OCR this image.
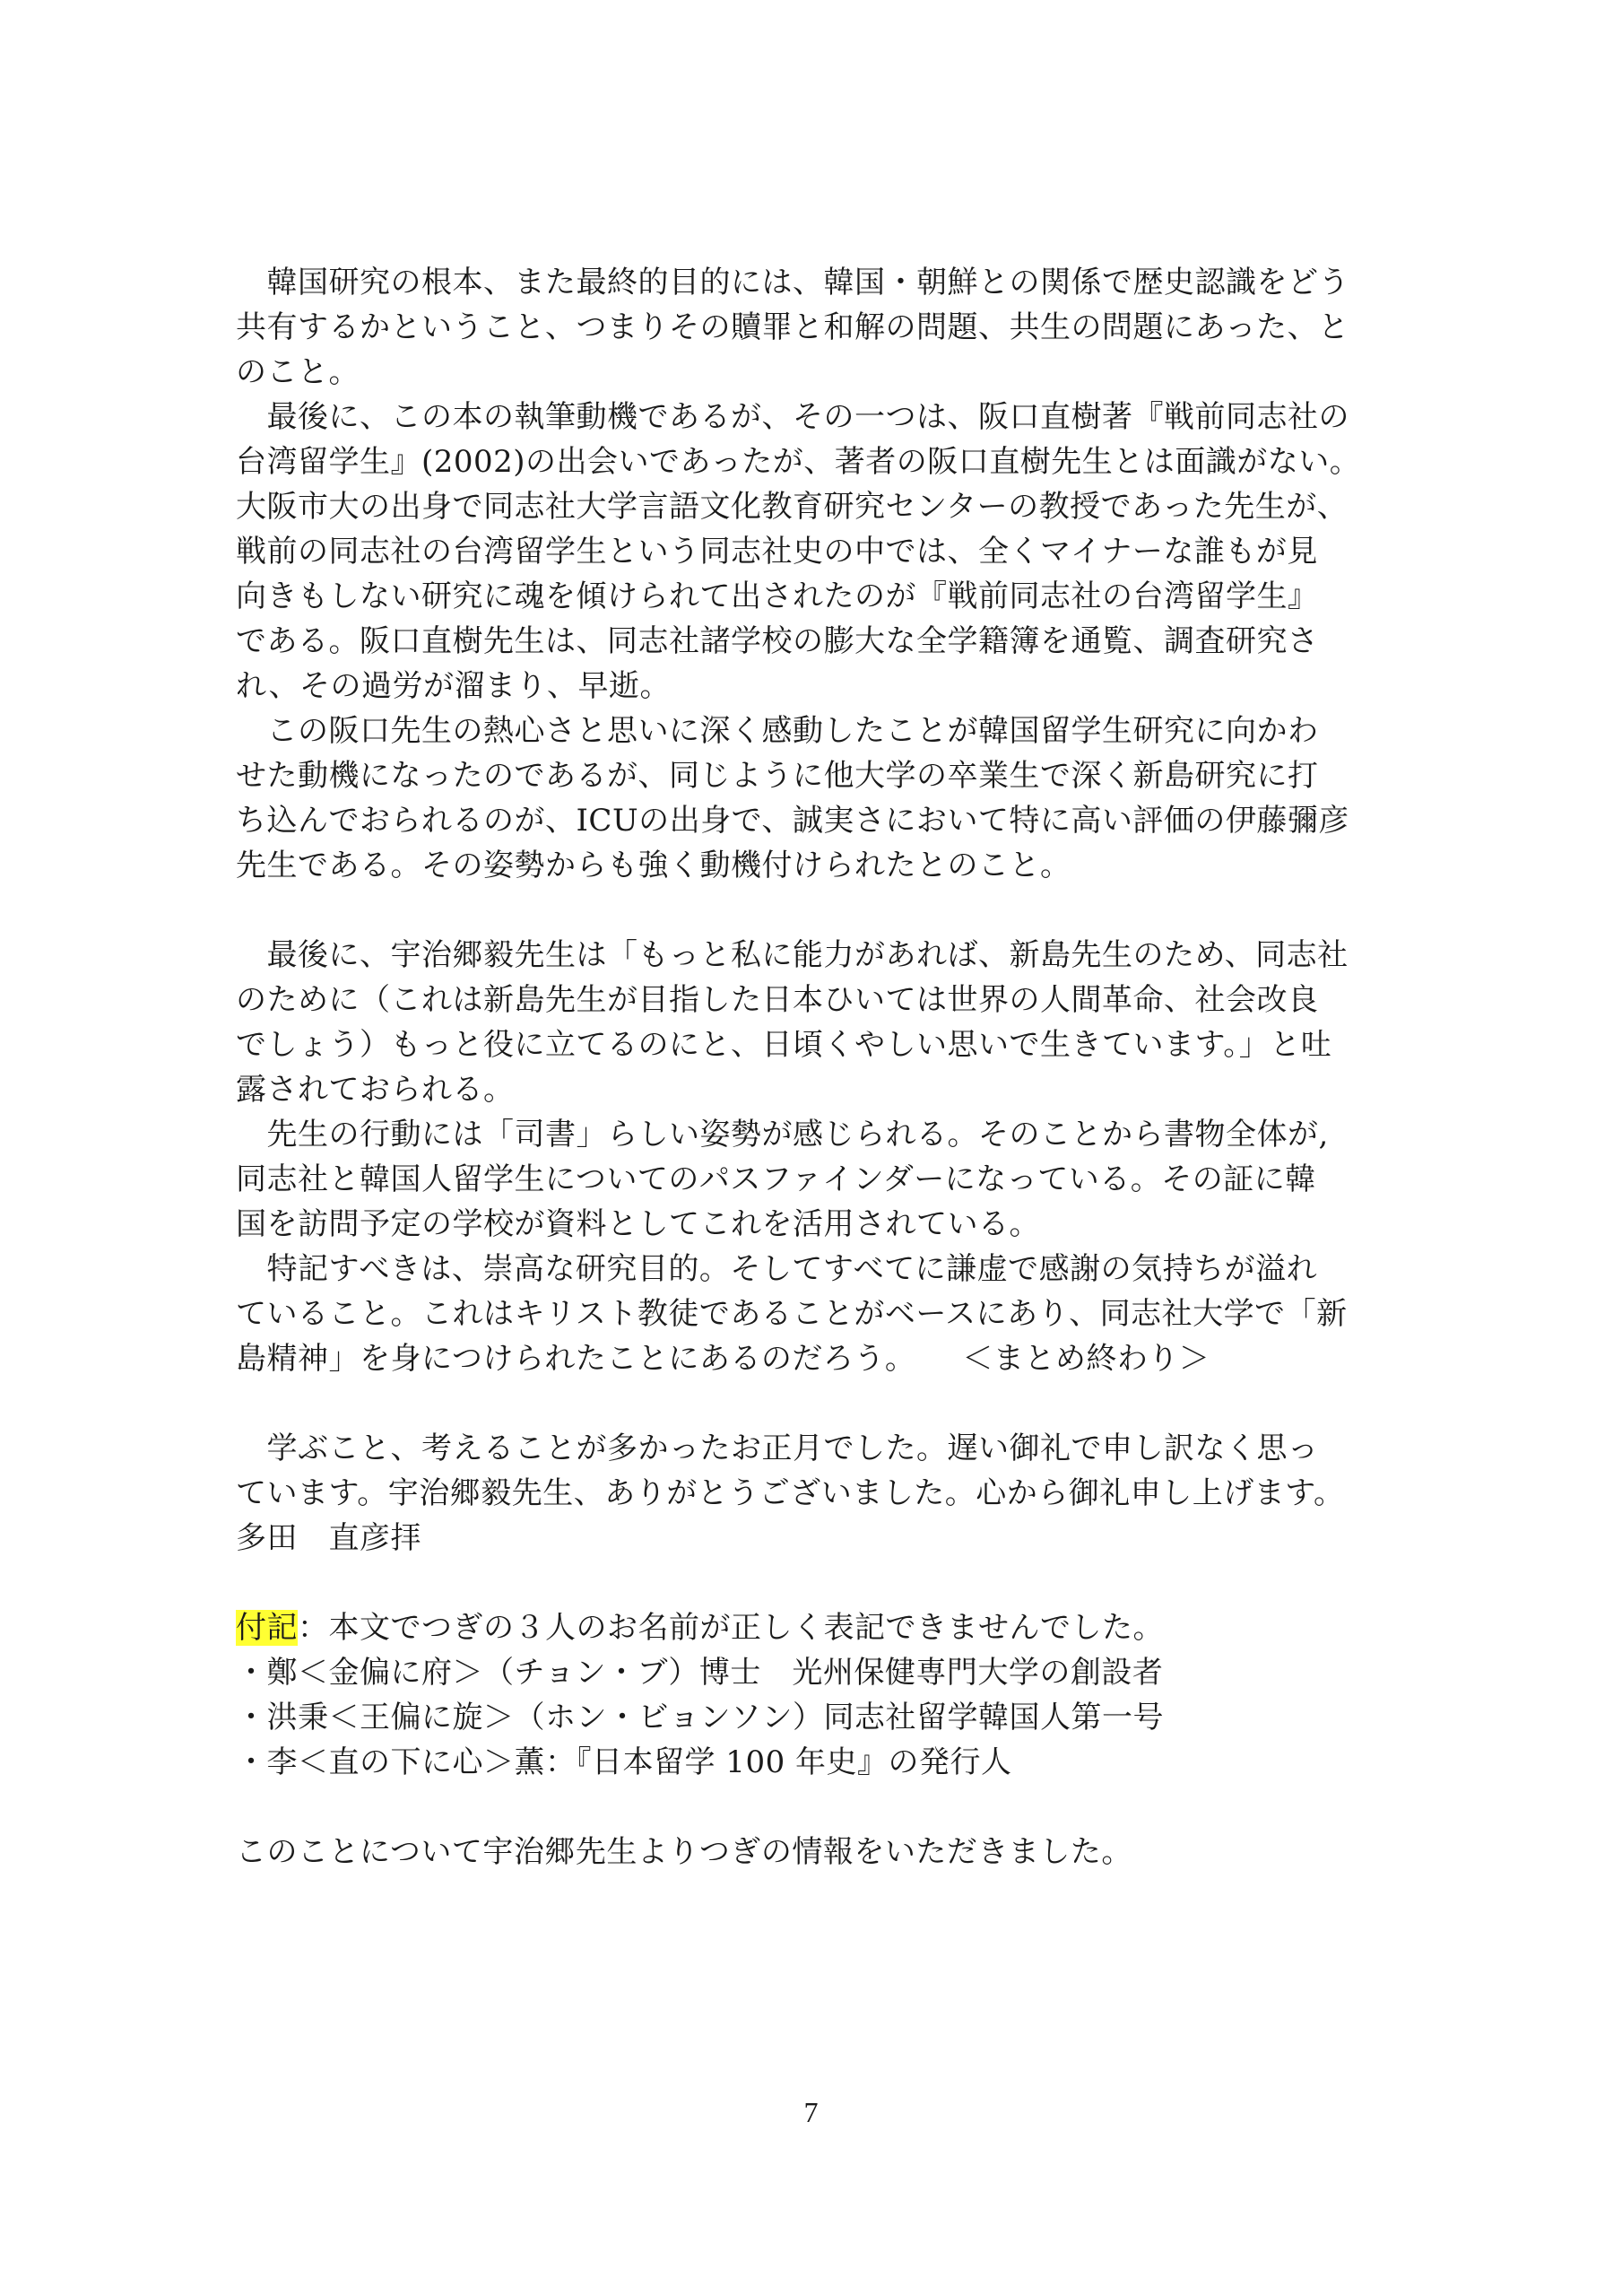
　韓国研究の根本、また最終的目的には、韓国・朝鮮との関係で歴史認識をどう
共有するかということ、つまりその贖罪と和解の問題、共生の問題にあった、と
のこと。
　最後に、この本の執筆動機であるが、その一つは、阪口直樹著『戦前同志社の
台湾留学生』(2002)の出会いであったが、著者の阪口直樹先生とは面識がない。
大阪市大の出身で同志社大学言語文化教育研究センターの教授であった先生が、
戦前の同志社の台湾留学生という同志社史の中では、全くマイナーな誰もが見
向きもしない研究に魂を傾けられて出されたのが『戦前同志社の台湾留学生』
である。阪口直樹先生は、同志社諸学校の膨大な全学籍簿を通覧、調査研究さ
れ、その過労が溜まり、早逝。
　この阪口先生の熱心さと思いに深く感動したことが韓国留学生研究に向かわ
せた動機になったのであるが、同じように他大学の卒業生で深く新島研究に打
ち込んでおられるのが、ICUの出身で、誠実さにおいて特に高い評価の伊藤彌彦
先生である。その姿勢からも強く動機付けられたとのこと。
　最後に、宇治郷毅先生は「もっと私に能力があれば、新島先生のため、同志社
のために（これは新島先生が目指した日本ひいては世界の人間革命、社会改良
でしょう）もっと役に立てるのにと、日頃くやしい思いで生きています。」と吐
露されておられる。
　先生の行動には「司書」らしい姿勢が感じられる。そのことから書物全体が,
同志社と韓国人留学生についてのパスファインダーになっている。その証に韓
国を訪問予定の学校が資料としてこれを活用されている。
　特記すべきは、崇高な研究目的。そしてすべてに謙虚で感謝の気持ちが溢れ
ていること。これはキリスト教徒であることがベースにあり、同志社大学で「新
島精神」を身につけられたことにあるのだろう。　　＜まとめ終わり＞
　学ぶこと、考えることが多かったお正月でした。遅い御礼で申し訳なく思っ
ています。宇治郷毅先生、ありがとうございました。心から御礼申し上げます。
多田　直彦拝
付記：本文でつぎの３人のお名前が正しく表記できませんでした。
・鄭＜金偏に府＞（チョン・ブ）博士　光州保健専門大学の創設者
・洪秉＜王偏に旋＞（ホン・ビョンソン）同志社留学韓国人第一号
・李＜直の下に心＞薫：『日本留学 100 年史』の発行人
このことについて宇治郷先生よりつぎの情報をいただきました。
7
